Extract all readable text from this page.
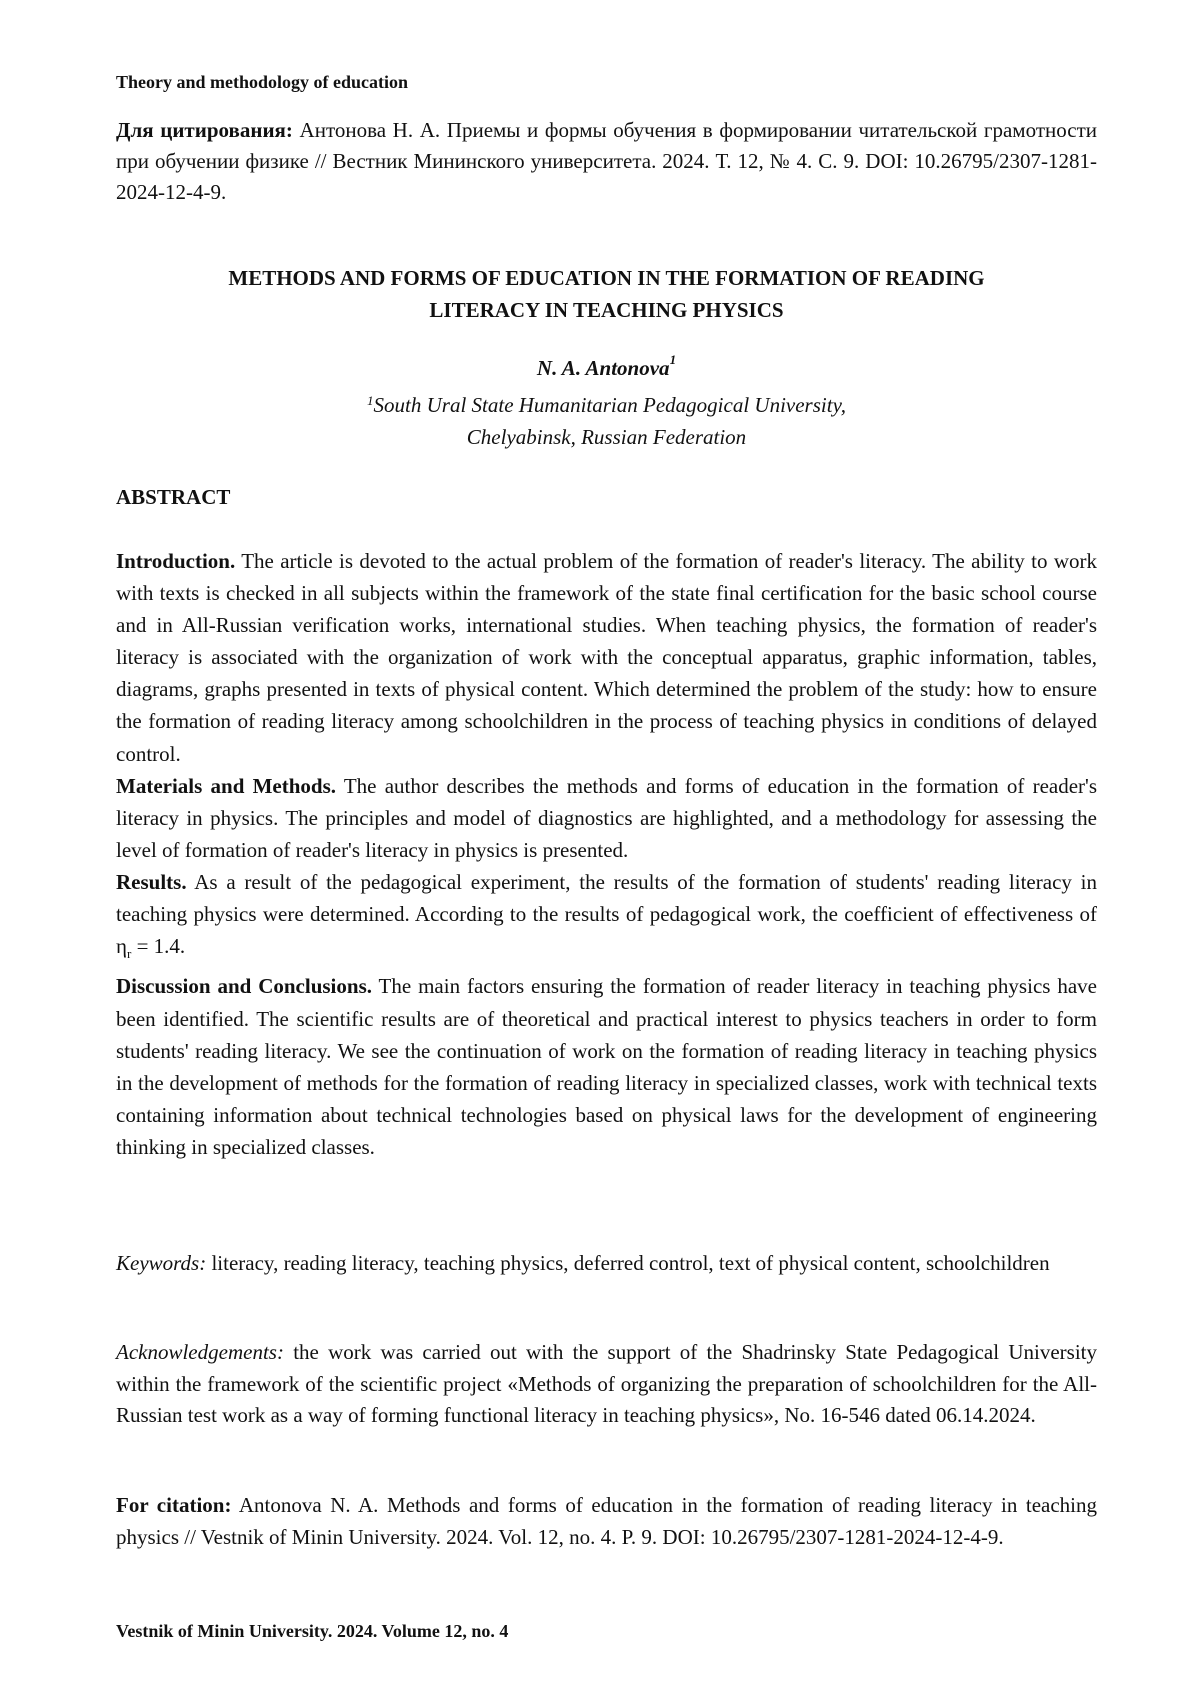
Theory and methodology of education
Для цитирования: Антонова Н. А. Приемы и формы обучения в формировании читательской грамотности при обучении физике // Вестник Мининского университета. 2024. Т. 12, № 4. С. 9. DOI: 10.26795/2307-1281-2024-12-4-9.
METHODS AND FORMS OF EDUCATION IN THE FORMATION OF READING
LITERACY IN TEACHING PHYSICS
N. A. Antonova$^1$
$^1$South Ural State Humanitarian Pedagogical University,
Chelyabinsk, Russian Federation
ABSTRACT

Introduction. The article is devoted to the actual problem of the formation of reader's literacy. The ability to work with texts is checked in all subjects within the framework of the state final certification for the basic school course and in All-Russian verification works, international studies. When teaching physics, the formation of reader's literacy is associated with the organization of work with the conceptual apparatus, graphic information, tables, diagrams, graphs presented in texts of physical content. Which determined the problem of the study: how to ensure the formation of reading literacy among schoolchildren in the process of teaching physics in conditions of delayed control.

Materials and Methods. The author describes the methods and forms of education in the formation of reader's literacy in physics. The principles and model of diagnostics are highlighted, and a methodology for assessing the level of formation of reader's literacy in physics is presented.

Results. As a result of the pedagogical experiment, the results of the formation of students' reading literacy in teaching physics were determined. According to the results of pedagogical work, the coefficient of effectiveness of $\eta_r = 1.4$.

Discussion and Conclusions. The main factors ensuring the formation of reader literacy in teaching physics have been identified. The scientific results are of theoretical and practical interest to physics teachers in order to form students' reading literacy. We see the continuation of work on the formation of reading literacy in teaching physics in the development of methods for the formation of reading literacy in specialized classes, work with technical texts containing information about technical technologies based on physical laws for the development of engineering thinking in specialized classes.

Keywords: literacy, reading literacy, teaching physics, deferred control, text of physical content, schoolchildren
Acknowledgements: the work was carried out with the support of the Shadrinsky State Pedagogical University within the framework of the scientific project «Methods of organizing the preparation of schoolchildren for the All-Russian test work as a way of forming functional literacy in teaching physics», No. 16-546 dated 06.14.2024.
For citation: Antonova N. A. Methods and forms of education in the formation of reading literacy in teaching physics // Vestnik of Minin University. 2024. Vol. 12, no. 4. P. 9. DOI: 10.26795/2307-1281-2024-12-4-9.
Vestnik of Minin University. 2024. Volume 12, no. 4
